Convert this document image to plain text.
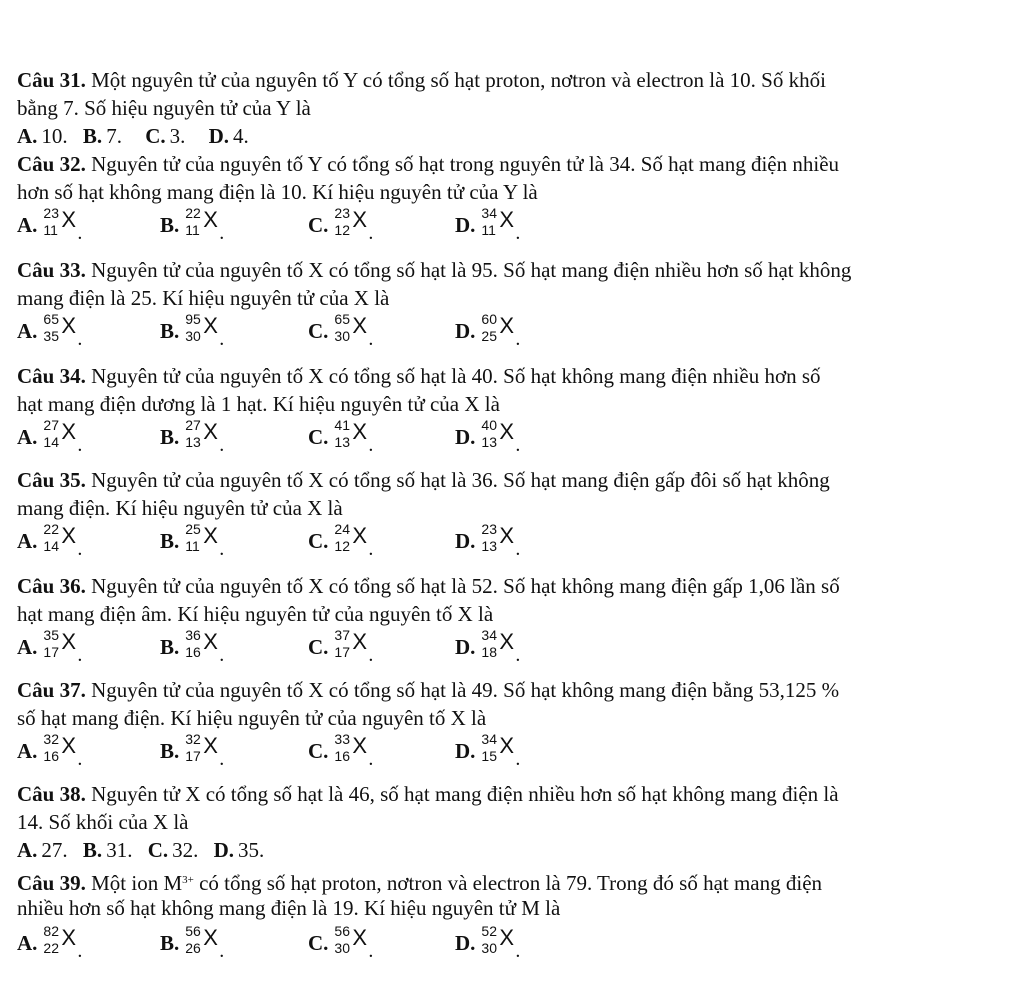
Câu 31. Một nguyên tử của nguyên tố Y có tổng số hạt proton, nơtron và electron là 10. Số khối
bằng 7. Số hiệu nguyên tử của Y là
A. 10. B. 7. C. 3. D. 4.
Câu 32. Nguyên tử của nguyên tố Y có tổng số hạt trong nguyên tử là 34. Số hạt mang điện nhiều
hơn số hạt không mang điện là 10. Kí hiệu nguyên tử của Y là
Câu 33. Nguyên tử của nguyên tố X có tổng số hạt là 95. Số hạt mang điện nhiều hơn số hạt không
mang điện là 25. Kí hiệu nguyên tử của X là
Câu 34. Nguyên tử của nguyên tố X có tổng số hạt là 40. Số hạt không mang điện nhiều hơn số
hạt mang điện dương là 1 hạt. Kí hiệu nguyên tử của X là
Câu 35. Nguyên tử của nguyên tố X có tổng số hạt là 36. Số hạt mang điện gấp đôi số hạt không
mang điện. Kí hiệu nguyên tử của X là
Câu 36. Nguyên tử của nguyên tố X có tổng số hạt là 52. Số hạt không mang điện gấp 1,06 lần số
hạt mang điện âm. Kí hiệu nguyên tử của nguyên tố X là
Câu 37. Nguyên tử của nguyên tố X có tổng số hạt là 49. Số hạt không mang điện bằng 53,125 %
số hạt mang điện. Kí hiệu nguyên tử của nguyên tố X là
Câu 38. Nguyên tử X có tổng số hạt là 46, số hạt mang điện nhiều hơn số hạt không mang điện là
14. Số khối của X là
A. 27. B. 31. C. 32. D. 35.
Câu 39. Một ion $M^{3+}$ có tổng số hạt proton, nơtron và electron là 79. Trong đó số hạt mang điện
nhiều hơn số hạt không mang điện là 19. Kí hiệu nguyên tử M là
A. 23
11 X
.	B. 22
11 X
.	C. 23
12 X
.	D. 34
11 X
.
A. 65
35 X
.	B. 95
30 X
.	C. 65
30 X
.	D. 60
25 X
.
A. 27
14 X
.	B. 27
13 X
.	C. 41
13 X
.	D. 40
13 X
.
A. 22
14 X
.	B. 25
11 X
.	C. 24
12 X
.	D. 23
13 X
.
A. 35
17 X
.	B. 36
16 X
.	C. 37
17 X
.	D. 34
18 X
.
A. 32
16 X
.	B. 32
17 X
.	C. 33
16 X
.	D. 34
15 X
.
A. 82
22 X
.	B. 56
26 X
.	C. 56
30 X
.	D. 52
30 X
.
